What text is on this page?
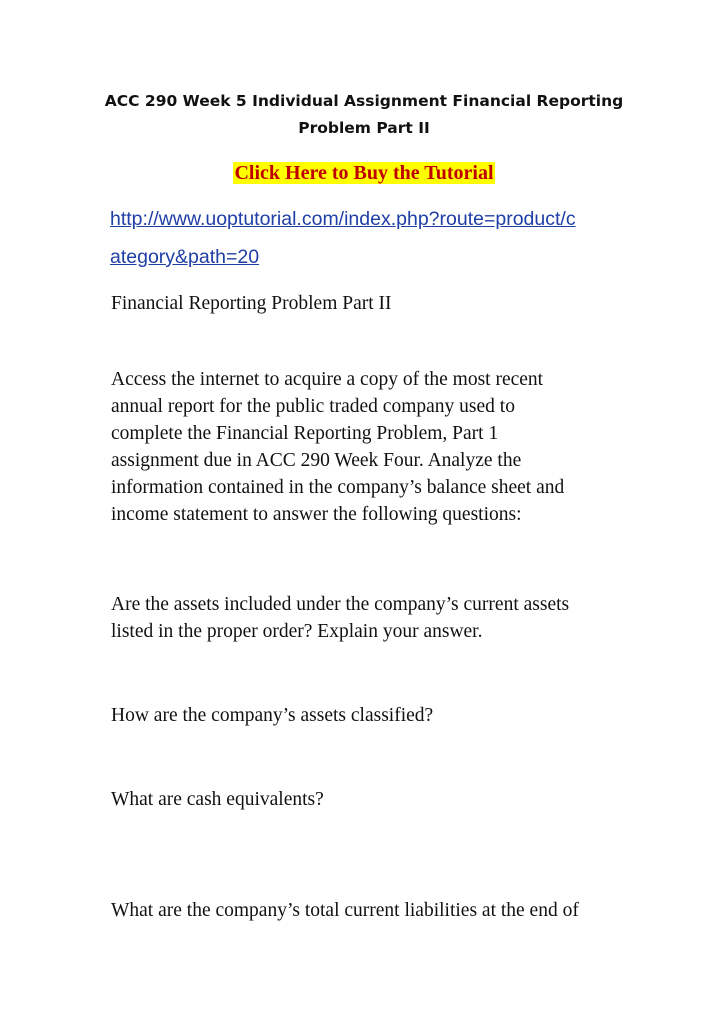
ACC 290 Week 5 Individual Assignment Financial Reporting
Problem Part II
Click Here to Buy the Tutorial
http://www.uoptutorial.com/index.php?route=product/c
ategory&path=20
Financial Reporting Problem Part II
Access the internet to acquire a copy of the most recent
annual report for the public traded company used to
complete the Financial Reporting Problem, Part 1
assignment due in ACC 290 Week Four. Analyze the
information contained in the company’s balance sheet and
income statement to answer the following questions:
Are the assets included under the company’s current assets
listed in the proper order? Explain your answer.
How are the company’s assets classified?
What are cash equivalents?
What are the company’s total current liabilities at the end of
